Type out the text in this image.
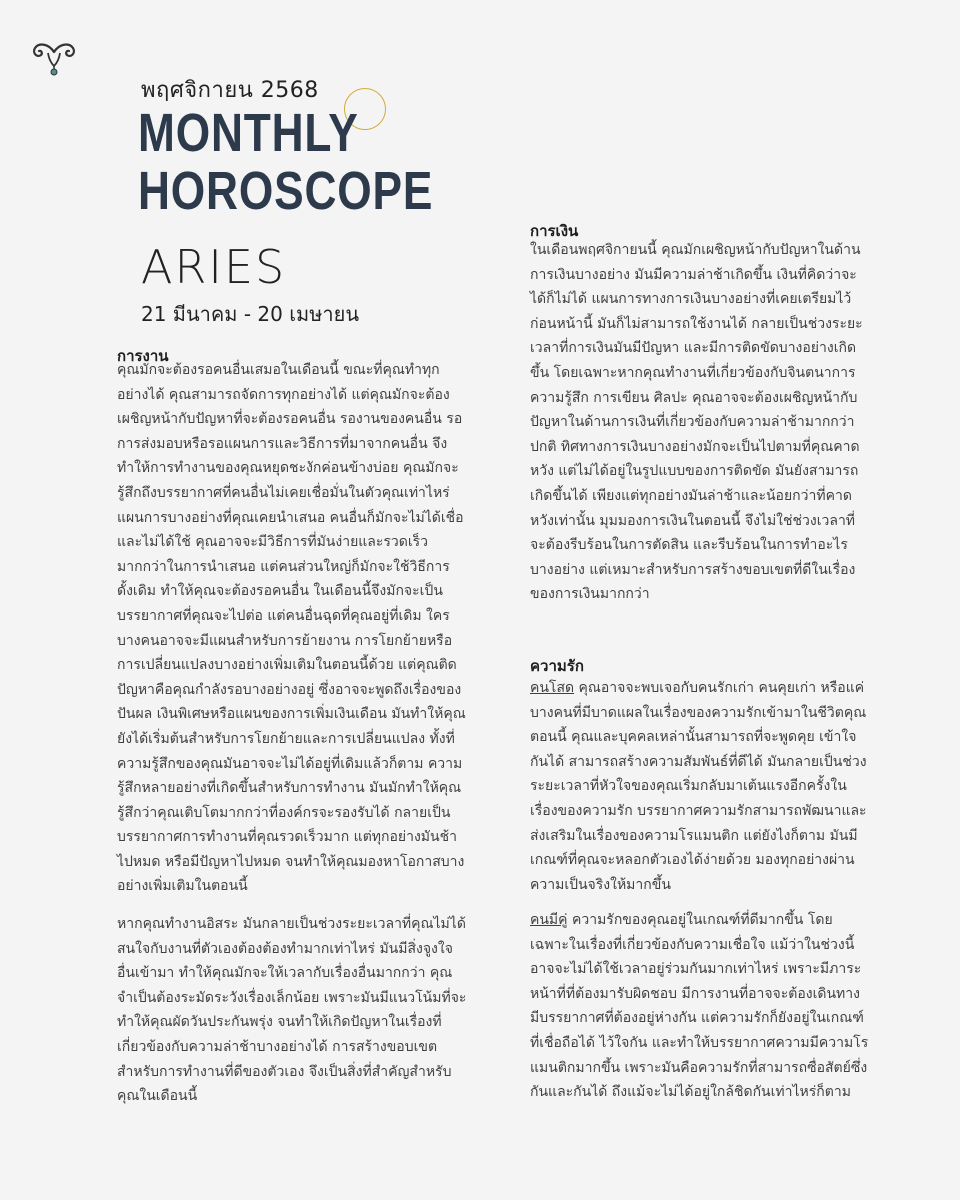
พฤศจิกายน 2568
MONTHLY
HOROSCOPE
ARIES
21 มีนาคม - 20 เมษายน
การงาน

คุณมักจะต้องรอคนอื่นเสมอในเดือนนี้ ขณะที่คุณทำทุกอย่างได้ คุณสามารถจัดการทุกอย่างได้ แต่คุณมักจะต้องเผชิญหน้ากับปัญหาที่จะต้องรอคนอื่น รองานของคนอื่น รอการส่งมอบหรือรอแผนการและวิธีการที่มาจากคนอื่น จึงทำให้การทำงานของคุณหยุดชะงักค่อนข้างบ่อย คุณมักจะรู้สึกถึงบรรยากาศที่คนอื่นไม่เคยเชื่อมั่นในตัวคุณเท่าไหร่ แผนการบางอย่างที่คุณเคยนำเสนอ คนอื่นก็มักจะไม่ได้เชื่อและไม่ได้ใช้ คุณอาจจะมีวิธีการที่มันง่ายและรวดเร็วมากกว่าในการนำเสนอ แต่คนส่วนใหญ่ก็มักจะใช้วิธีการดั้งเดิม ทำให้คุณจะต้องรอคนอื่น ในเดือนนี้จึงมักจะเป็นบรรยากาศที่คุณจะไปต่อ แต่คนอื่นฉุดที่คุณอยู่ที่เดิม ใครบางคนอาจจะมีแผนสำหรับการย้ายงาน การโยกย้ายหรือการเปลี่ยนแปลงบางอย่างเพิ่มเติมในตอนนี้ด้วย แต่คุณติดปัญหาคือคุณกำลังรอบางอย่างอยู่ ซึ่งอาจจะพูดถึงเรื่องของปันผล เงินพิเศษหรือแผนของการเพิ่มเงินเดือน มันทำให้คุณยังได้เริ่มต้นสำหรับการโยกย้ายและการเปลี่ยนแปลง ทั้งที่ความรู้สึกของคุณมันอาจจะไม่ได้อยู่ที่เดิมแล้วก็ตาม ความรู้สึกหลายอย่างที่เกิดขึ้นสำหรับการทำงาน มันมักทำให้คุณรู้สึกว่าคุณเติบโตมากกว่าที่องค์กรจะรองรับได้ กลายเป็นบรรยากาศการทำงานที่คุณรวดเร็วมาก แต่ทุกอย่างมันช้าไปหมด หรือมีปัญหาไปหมด จนทำให้คุณมองหาโอกาสบางอย่างเพิ่มเติมในตอนนี้

หากคุณทำงานอิสระ มันกลายเป็นช่วงระยะเวลาที่คุณไม่ได้สนใจกับงานที่ตัวเองต้องต้องทำมากเท่าไหร่ มันมีสิ่งจูงใจอื่นเข้ามา ทำให้คุณมักจะให้เวลากับเรื่องอื่นมากกว่า คุณจำเป็นต้องระมัดระวังเรื่องเล็กน้อย เพราะมันมีแนวโน้มที่จะทำให้คุณผัดวันประกันพรุ่ง จนทำให้เกิดปัญหาในเรื่องที่เกี่ยวข้องกับความล่าช้าบางอย่างได้ การสร้างขอบเขตสำหรับการทำงานที่ดีของตัวเอง จึงเป็นสิ่งที่สำคัญสำหรับคุณในเดือนนี้

การเงิน

ในเดือนพฤศจิกายนนี้ คุณมักเผชิญหน้ากับปัญหาในด้านการเงินบางอย่าง มันมีความล่าช้าเกิดขึ้น เงินที่คิดว่าจะได้ก็ไม่ได้ แผนการทางการเงินบางอย่างที่เคยเตรียมไว้ก่อนหน้านี้ มันก็ไม่สามารถใช้งานได้ กลายเป็นช่วงระยะเวลาที่การเงินมันมีปัญหา และมีการติดขัดบางอย่างเกิดขึ้น โดยเฉพาะหากคุณทำงานที่เกี่ยวข้องกับจินตนาการ ความรู้สึก การเขียน ศิลปะ คุณอาจจะต้องเผชิญหน้ากับปัญหาในด้านการเงินที่เกี่ยวข้องกับความล่าช้ามากกว่าปกติ ทิศทางการเงินบางอย่างมักจะเป็นไปตามที่คุณคาดหวัง แต่ไม่ได้อยู่ในรูปแบบของการติดขัด มันยังสามารถเกิดขึ้นได้ เพียงแต่ทุกอย่างมันล่าช้าและน้อยกว่าที่คาดหวังเท่านั้น มุมมองการเงินในตอนนี้ จึงไม่ใช่ช่วงเวลาที่จะต้องรีบร้อนในการตัดสิน และรีบร้อนในการทำอะไรบางอย่าง แต่เหมาะสำหรับการสร้างขอบเขตที่ดีในเรื่องของการเงินมากกว่า

ความรัก

คนโสด คุณอาจจะพบเจอกับคนรักเก่า คนคุยเก่า หรือแค่บางคนที่มีบาดแผลในเรื่องของความรักเข้ามาในชีวิตคุณตอนนี้ คุณและบุคคลเหล่านั้นสามารถที่จะพูดคุย เข้าใจกันได้ สามารถสร้างความสัมพันธ์ที่ดีได้ มันกลายเป็นช่วงระยะเวลาที่หัวใจของคุณเริ่มกลับมาเต้นแรงอีกครั้งในเรื่องของความรัก บรรยากาศความรักสามารถพัฒนาและส่งเสริมในเรื่องของความโรแมนติก แต่ยังไงก็ตาม มันมีเกณฑ์ที่คุณจะหลอกตัวเองได้ง่ายด้วย มองทุกอย่างผ่านความเป็นจริงให้มากขึ้น

คนมีคู่ ความรักของคุณอยู่ในเกณฑ์ที่ดีมากขึ้น โดยเฉพาะในเรื่องที่เกี่ยวข้องกับความเชื่อใจ แม้ว่าในช่วงนี้อาจจะไม่ได้ใช้เวลาอยู่ร่วมกันมากเท่าไหร่ เพราะมีภาระหน้าที่ที่ต้องมารับผิดชอบ มีการงานที่อาจจะต้องเดินทาง มีบรรยากาศที่ต้องอยู่ห่างกัน แต่ความรักก็ยังอยู่ในเกณฑ์ที่เชื่อถือได้ ไว้ใจกัน และทำให้บรรยากาศความมีความโรแมนติกมากขึ้น เพราะมันคือความรักที่สามารถซื่อสัตย์ซึ่งกันและกันได้ ถึงแม้จะไม่ได้อยู่ใกล้ชิดกันเท่าไหร่ก็ตาม
